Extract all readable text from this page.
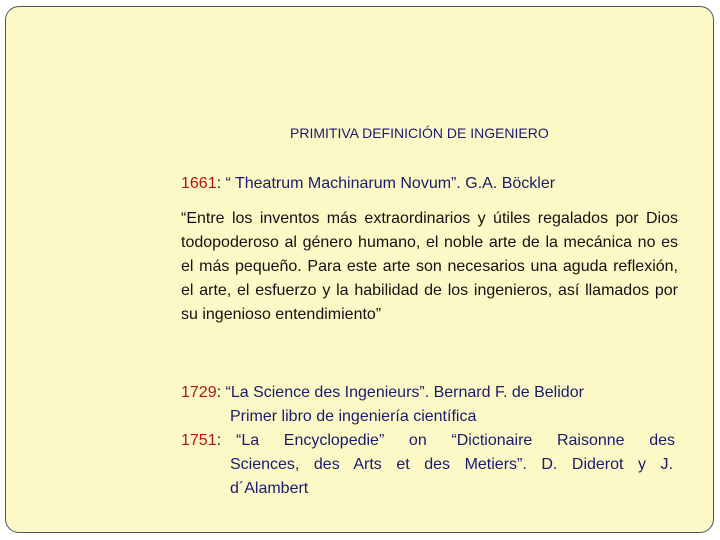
PRIMITIVA DEFINICIÓN DE INGENIERO
1661: “ Theatrum Machinarum Novum”. G.A. Böckler
“Entre los inventos más extraordinarios y útiles regalados por Dios todopoderoso al género humano, el noble arte de la mecánica no es el más pequeño. Para este arte son necesarios una aguda reflexión, el arte, el esfuerzo y la habilidad de los ingenieros, así llamados por su ingenioso entendimiento”
1729: “La Science des Ingenieurs”. Bernard F. de Belidor
Primer libro de ingeniería científica
1751: “La Encyclopedie” on “Dictionaire Raisonne des
Sciences, des Arts et des Metiers”. D. Diderot y J.
d´Alambert
